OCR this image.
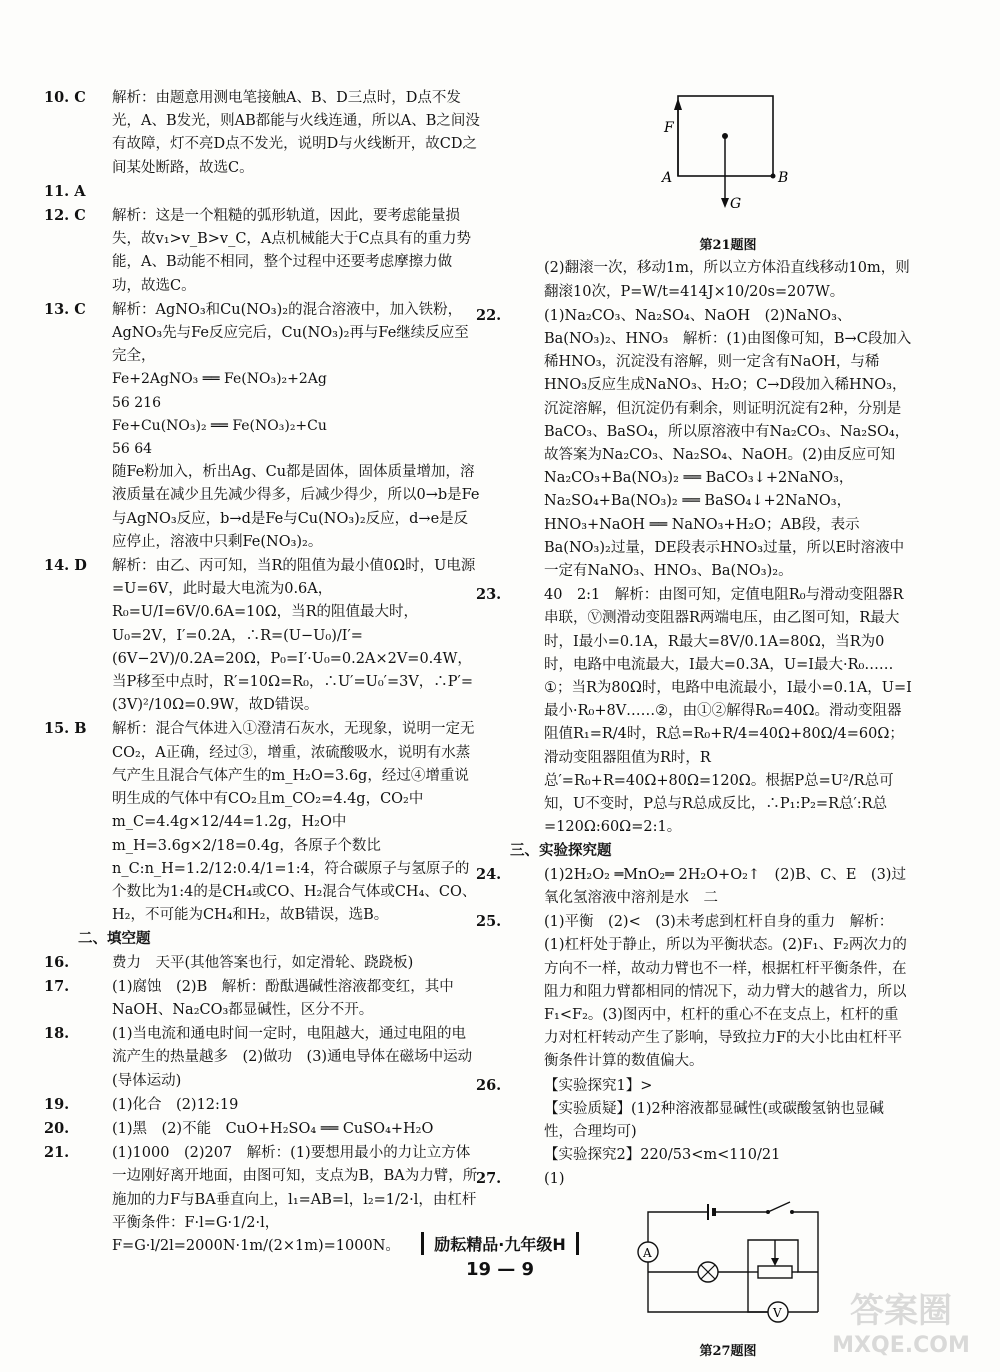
10. C 解析：由题意用测电笔接触A、B、D三点时，D点不发光，A、B发光，则AB都能与火线连通，所以A、B之间没有故障，灯不亮D点不发光，说明D与火线断开，故CD之间某处断路，故选C。

11. A

12. C 解析：这是一个粗糙的弧形轨道，因此，要考虑能量损失，故v₁>v_B>v_C，A点机械能大于C点具有的重力势能，A、B动能不相同，整个过程中还要考虑摩擦力做功，故选C。

13. C 解析：AgNO₃和Cu(NO₃)₂的混合溶液中，加入铁粉，AgNO₃先与Fe反应完后，Cu(NO₃)₂再与Fe继续反应至完全，

Fe+2AgNO₃ ══ Fe(NO₃)₂+2Ag

56 216

Fe+Cu(NO₃)₂ ══ Fe(NO₃)₂+Cu

56 64

随Fe粉加入，析出Ag、Cu都是固体，固体质量增加，溶液质量在减少且先减少得多，后减少得少，所以0→b是Fe与AgNO₃反应，b→d是Fe与Cu(NO₃)₂反应，d→e是反应停止，溶液中只剩Fe(NO₃)₂。

14. D 解析：由乙、丙可知，当R的阻值为最小值0Ω时，U电源=U=6V，此时最大电流为0.6A，R₀=U/I=6V/0.6A=10Ω，当R的阻值最大时，U₀=2V，I′=0.2A，∴R=(U−U₀)/I′=(6V−2V)/0.2A=20Ω，P₀=I′·U₀=0.2A×2V=0.4W，当P移至中点时，R′=10Ω=R₀，∴U′=U₀′=3V，∴P′=(3V)²/10Ω=0.9W，故D错误。

15. B 解析：混合气体进入①澄清石灰水，无现象，说明一定无CO₂，A正确，经过③，增重，浓硫酸吸水，说明有水蒸气产生且混合气体产生的m_H₂O=3.6g，经过④增重说明生成的气体中有CO₂且m_CO₂=4.4g，CO₂中m_C=4.4g×12/44=1.2g，H₂O中m_H=3.6g×2/18=0.4g，各原子个数比n_C:n_H=1.2/12:0.4/1=1:4，符合碳原子与氢原子的个数比为1:4的是CH₄或CO、H₂混合气体或CH₄、CO、H₂，不可能为CH₄和H₂，故B错误，选B。

二、填空题

16.	费力　天平(其他答案也行，如定滑轮、跷跷板)

17.	(1)腐蚀　(2)B　解析：酚酞遇碱性溶液都变红，其中NaOH、Na₂CO₃都显碱性，区分不开。

18.	(1)当电流和通电时间一定时，电阻越大，通过电阻的电流产生的热量越多　(2)做功　(3)通电导体在磁场中运动(导体运动)

19.	(1)化合　(2)12:19

20.	(1)黑　(2)不能　CuO+H₂SO₄ ══ CuSO₄+H₂O

21.	(1)1000　(2)207　解析：(1)要想用最小的力让立方体一边刚好离开地面，由图可知，支点为B，BA为力臂，所施加的力F与BA垂直向上，l₁=AB=l，l₂=1/2·l，由杠杆平衡条件：F·l=G·1/2·l，F=G·l/2l=2000N·1m/(2×1m)=1000N。

F
A	B
G
第21题图

(2)翻滚一次，移动1m，所以立方体沿直线移动10m，则翻滚10次，P=W/t=414J×10/20s=207W。

22.	(1)Na₂CO₃、Na₂SO₄、NaOH　(2)NaNO₃、Ba(NO₃)₂、HNO₃　解析：(1)由图像可知，B→C段加入稀HNO₃，沉淀没有溶解，则一定含有NaOH，与稀HNO₃反应生成NaNO₃、H₂O；C→D段加入稀HNO₃，沉淀溶解，但沉淀仍有剩余，则证明沉淀有2种，分别是BaCO₃、BaSO₄，所以原溶液中有Na₂CO₃、Na₂SO₄，故答案为Na₂CO₃、Na₂SO₄、NaOH。(2)由反应可知Na₂CO₃+Ba(NO₃)₂ ══ BaCO₃↓+2NaNO₃，Na₂SO₄+Ba(NO₃)₂ ══ BaSO₄↓+2NaNO₃，HNO₃+NaOH ══ NaNO₃+H₂O；AB段，表示Ba(NO₃)₂过量，DE段表示HNO₃过量，所以E时溶液中一定有NaNO₃、HNO₃、Ba(NO₃)₂。

23.	40　2:1　解析：由图可知，定值电阻R₀与滑动变阻器R串联，Ⓥ测滑动变阻器R两端电压，由乙图可知，R最大时，I最小=0.1A，R最大=8V/0.1A=80Ω，当R为0时，电路中电流最大，I最大=0.3A，U=I最大·R₀……①；当R为80Ω时，电路中电流最小，I最小=0.1A，U=I最小·R₀+8V……②，由①②解得R₀=40Ω。滑动变阻器阻值R₁=R/4时，R总=R₀+R/4=40Ω+80Ω/4=60Ω；滑动变阻器阻值为R时，R总′=R₀+R=40Ω+80Ω=120Ω。根据P总=U²/R总可知，U不变时，P总与R总成反比，∴P₁:P₂=R总′:R总=120Ω:60Ω=2:1。

三、实验探究题

24.	(1)2H₂O₂ ═MnO₂═ 2H₂O+O₂↑　(2)B、C、E　(3)过氧化氢溶液中溶剂是水　二

25.	(1)平衡　(2)<　(3)未考虑到杠杆自身的重力　解析：(1)杠杆处于静止，所以为平衡状态。(2)F₁、F₂两次力的方向不一样，故动力臂也不一样，根据杠杆平衡条件，在阻力和阻力臂都相同的情况下，动力臂大的越省力，所以F₁<F₂。(3)图丙中，杠杆的重心不在支点上，杠杆的重力对杠杆转动产生了影响，导致拉力F的大小比由杠杆平衡条件计算的数值偏大。

26.	【实验探究1】>

【实验质疑】(1)2种溶液都显碱性(或碳酸氢钠也显碱性，合理均可)

【实验探究2】220/53<m<110/21

27.	(1)

A
V
第27题图
励耘精品·九年级H
19 — 9
答案圈
MXQE.COM
